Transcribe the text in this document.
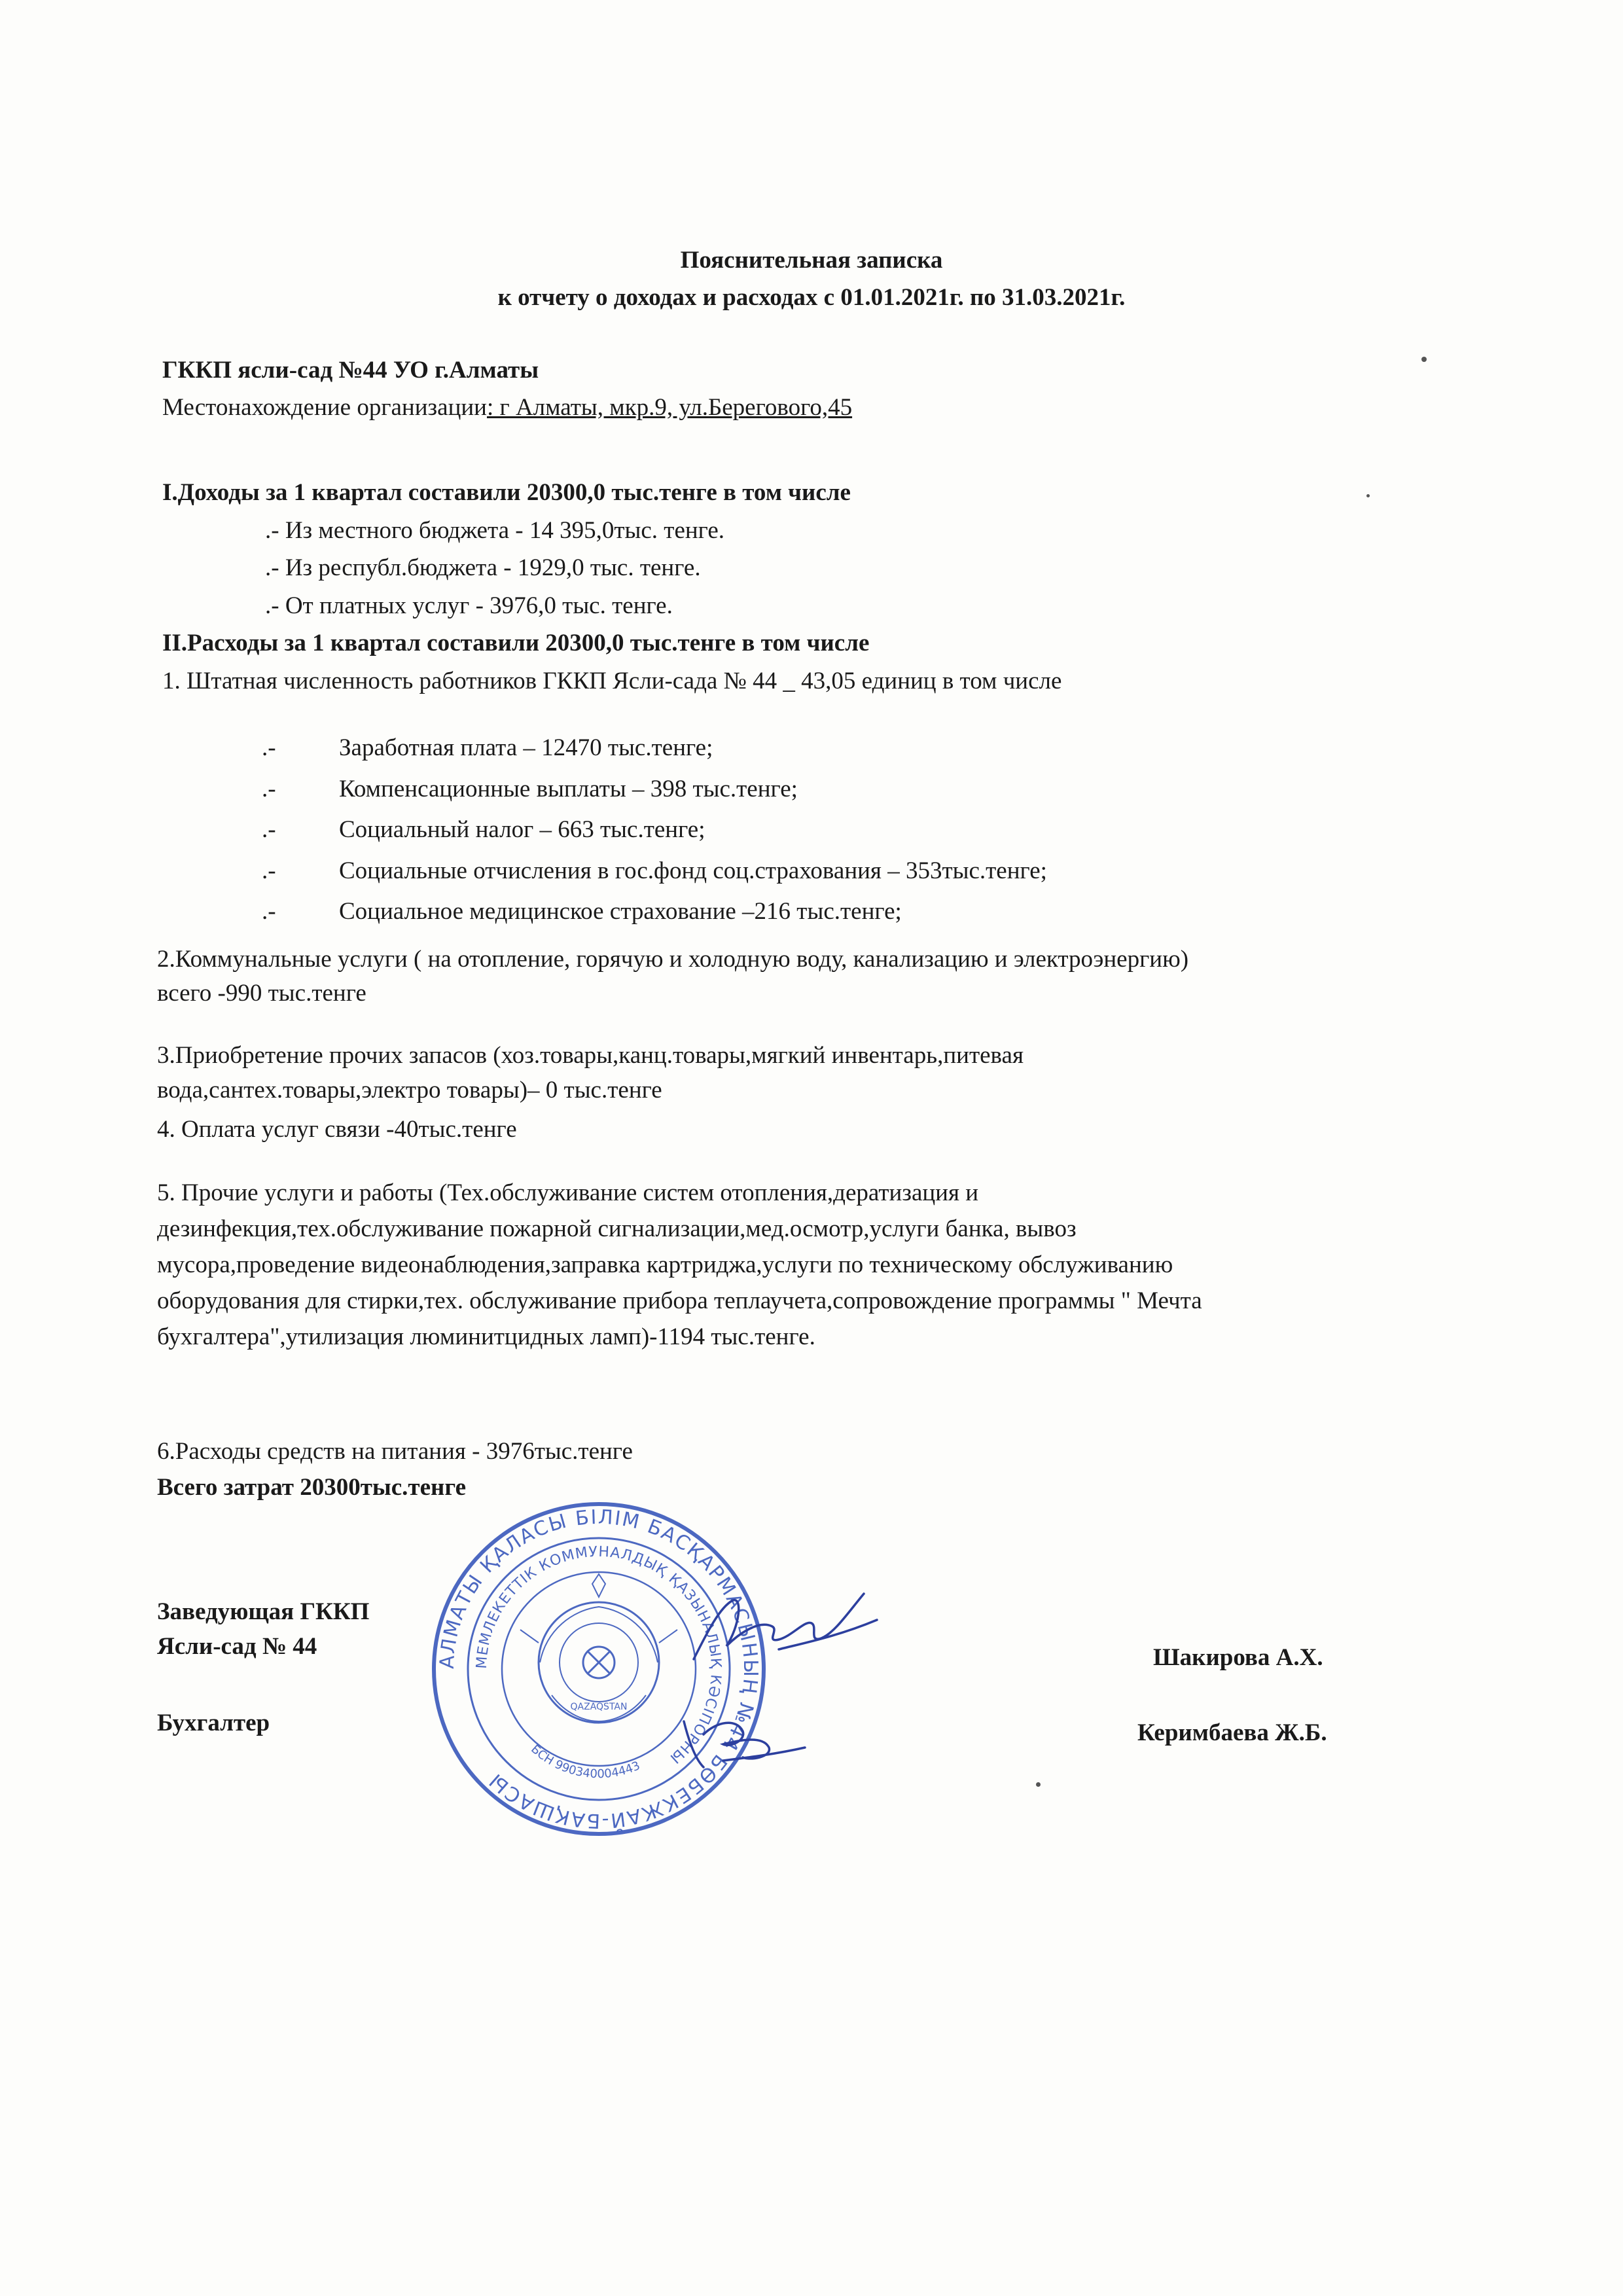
Пояснительная записка
к отчету о доходах и расходах с 01.01.2021г. по 31.03.2021г.
ГККП ясли-сад №44 УО г.Алматы
Местонахождение организации: г Алматы, мкр.9, ул.Берегового,45
I.Доходы за 1 квартал составили 20300,0 тыс.тенге в том числе
.- Из местного бюджета - 14 395,0тыс. тенге.
.- Из республ.бюджета - 1929,0 тыс. тенге.
.- От платных услуг - 3976,0 тыс. тенге.
II.Расходы за 1 квартал составили 20300,0 тыс.тенге в том числе
1. Штатная численность работников ГККП Ясли-сада № 44 _ 43,05 единиц в том числе
.-	Заработная плата – 12470 тыс.тенге;
.-	Компенсационные выплаты – 398 тыс.тенге;
.-	Социальный налог – 663 тыс.тенге;
.-	Социальные отчисления в гос.фонд соц.страхования – 353тыс.тенге;
.-	Социальное медицинское страхование –216 тыс.тенге;
2.Коммунальные услуги ( на отопление, горячую и холодную воду, канализацию и электроэнергию)
всего -990 тыс.тенге
3.Приобретение прочих запасов (хоз.товары,канц.товары,мягкий инвентарь,питевая
вода,сантех.товары,электро товары)– 0 тыс.тенге
4. Оплата услуг связи -40тыс.тенге
5. Прочие услуги и работы (Тех.обслуживание систем отопления,дератизация и
дезинфекция,тех.обслуживание пожарной сигнализации,мед.осмотр,услуги банка, вывоз
мусора,проведение видеонаблюдения,заправка картриджа,услуги по техническому обслуживанию
оборудования для стирки,тех. обслуживание прибора теплаучета,сопровождение программы " Мечта
бухгалтера",утилизация люминитцидных ламп)-1194 тыс.тенге.
6.Расходы средств на питания - 3976тыс.тенге
Всего затрат 20300тыс.тенге
Заведующая ГККП
Ясли-сад № 44	Шакирова А.Х.
Бухгалтер	Керимбаева Ж.Б.
АЛМАТЫ ҚАЛАСЫ БІЛІМ БАСҚАРМАСЫНЫҢ №44 БӨБЕКЖАЙ-БАҚШАСЫ
МЕМЛЕКЕТТІК КОММУНАЛДЫҚ ҚАЗЫНАЛЫҚ КӘСІПОРНЫ
БСН 990340004443
QAZAQSTAN
